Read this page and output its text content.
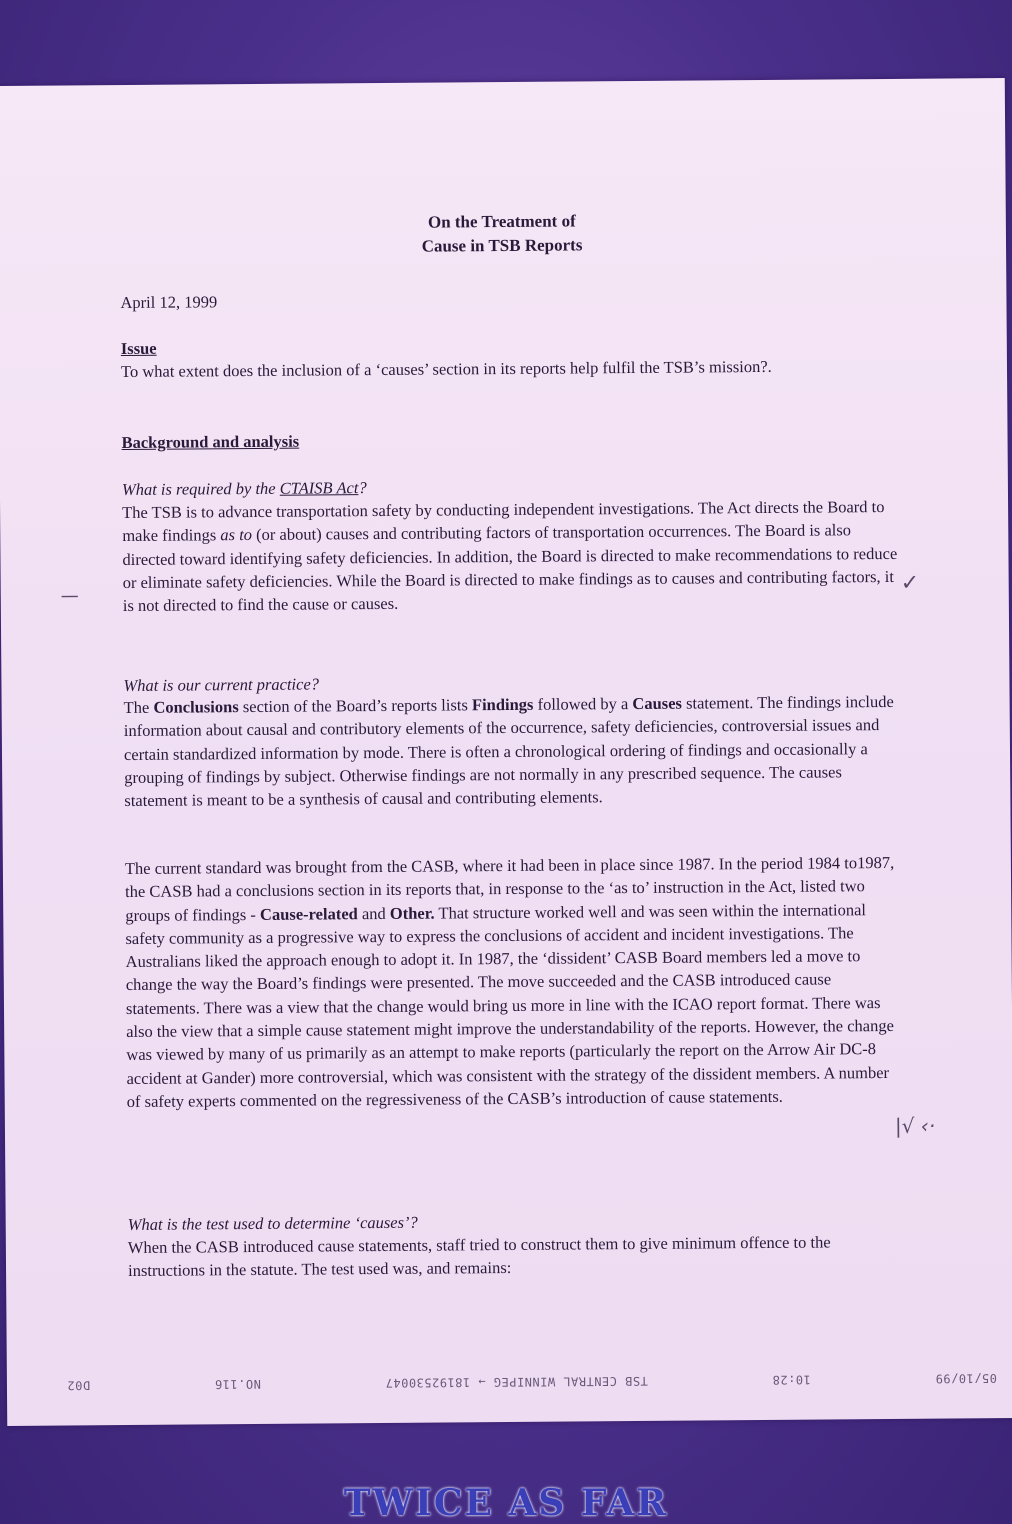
On the Treatment of
Cause in TSB Reports
April 12, 1999
Issue
To what extent does the inclusion of a ‘causes’ section in its reports help fulfil the TSB’s mission?.
Background and analysis
What is required by the CTAISB Act?

The TSB is to advance transportation safety by conducting independent investigations. The Act directs the Board to make findings as to (or about) causes and contributing factors of transportation occurrences. The Board is also directed toward identifying safety deficiencies. In addition, the Board is directed to make recommendations to reduce or eliminate safety deficiencies. While the Board is directed to make findings as to causes and contributing factors, it is not directed to find the cause or causes.

What is our current practice?

The Conclusions section of the Board’s reports lists Findings followed by a Causes statement. The findings include information about causal and contributory elements of the occurrence, safety deficiencies, controversial issues and certain standardized information by mode. There is often a chronological ordering of findings and occasionally a grouping of findings by subject. Otherwise findings are not normally in any prescribed sequence. The causes statement is meant to be a synthesis of causal and contributing elements.

The current standard was brought from the CASB, where it had been in place since 1987. In the period 1984 to1987, the CASB had a conclusions section in its reports that, in response to the ‘as to’ instruction in the Act, listed two groups of findings - Cause-related and Other. That structure worked well and was seen within the international safety community as a progressive way to express the conclusions of accident and incident investigations. The Australians liked the approach enough to adopt it. In 1987, the ‘dissident’ CASB Board members led a move to change the way the Board’s findings were presented. The move succeeded and the CASB introduced cause statements. There was a view that the change would bring us more in line with the ICAO report format. There was also the view that a simple cause statement might improve the understandability of the reports. However, the change was viewed by many of us primarily as an attempt to make reports (particularly the report on the Arrow Air DC-8 accident at Gander) more controversial, which was consistent with the strategy of the dissident members. A number of safety experts commented on the regressiveness of the CASB’s introduction of cause statements.

What is the test used to determine ‘causes’?

When the CASB introduced cause statements, staff tried to construct them to give minimum offence to the instructions in the statute. The test used was, and remains:

✓
—
|√ ‹·
05/10/99
10:28
TSB CENTRAL WINNIPEG → 18192530047
NO.116
D02
TWICE AS FAR
